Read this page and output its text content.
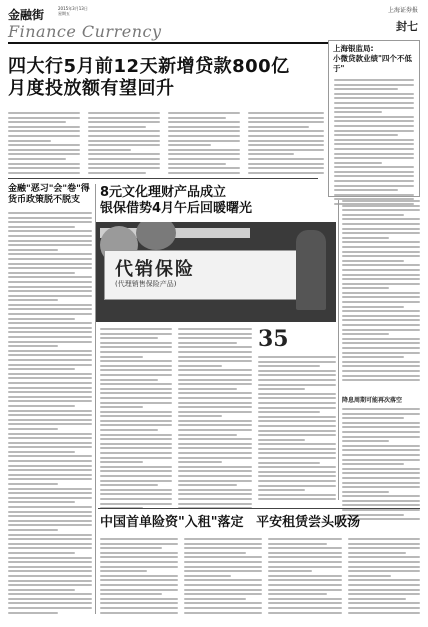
金融街	2015年3月13日
星期五	上海证券报
Finance Currency	封七
四大行5月前12天新增贷款800亿
月度投放额有望回升
上海银监局:
小微贷款业绩"四个不低于"
金融"恶习"会"卷"得
货币政策脱不脱支	8元文化理财产品成立
银保借势4月午后回暖曙光
代销保险
(代理销售保险产品)
35
降息周期可能再次落空
中国首单险资"入租"落定 平安租赁尝头吸汤
